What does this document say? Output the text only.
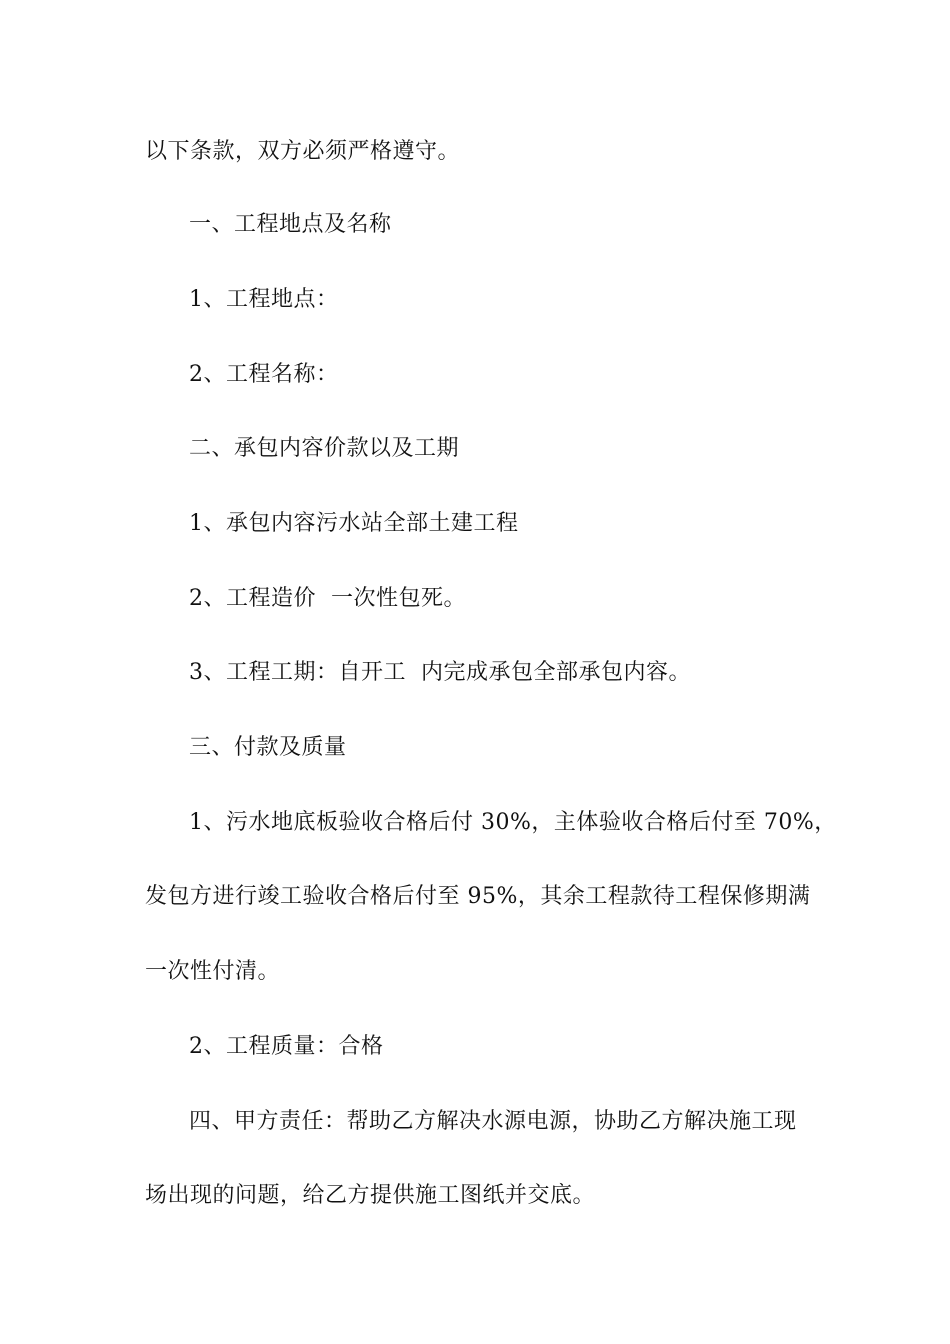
以下条款，双方必须严格遵守。
一、工程地点及名称
1、工程地点：
2、工程名称：
二、承包内容价款以及工期
1、承包内容污水站全部土建工程
2、工程造价  一次性包死。
3、工程工期：自开工  内完成承包全部承包内容。
三、付款及质量
1、污水地底板验收合格后付 30%，主体验收合格后付至 70%，
发包方进行竣工验收合格后付至 95%，其余工程款待工程保修期满
一次性付清。
2、工程质量：合格
四、甲方责任：帮助乙方解决水源电源，协助乙方解决施工现
场出现的问题，给乙方提供施工图纸并交底。
